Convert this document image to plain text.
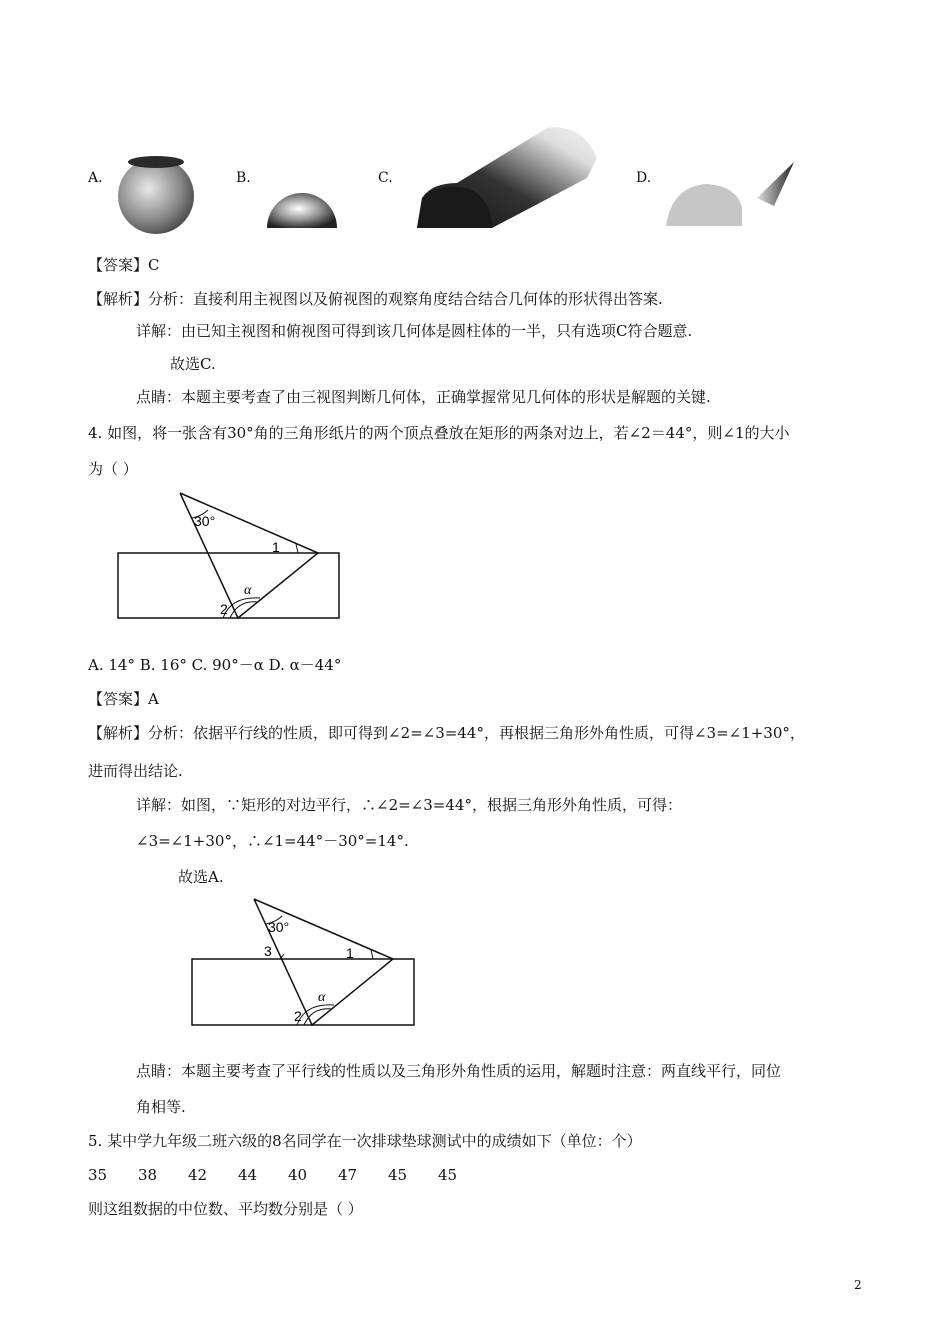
A.	B.	C.	D.
【答案】C
【解析】分析：直接利用主视图以及俯视图的观察角度结合结合几何体的形状得出答案.
详解：由已知主视图和俯视图可得到该几何体是圆柱体的一半，只有选项C符合题意.
故选C.
点睛：本题主要考查了由三视图判断几何体，正确掌握常见几何体的形状是解题的关键.
4. 如图，将一张含有30°角的三角形纸片的两个顶点叠放在矩形的两条对边上，若∠2＝44°，则∠1的大小
为（ ）
30°
1
α
2
A. 14° B. 16° C. 90°－α D. α－44°
【答案】A
【解析】分析：依据平行线的性质，即可得到∠2=∠3=44°，再根据三角形外角性质，可得∠3=∠1+30°，
进而得出结论.
详解：如图，∵矩形的对边平行，∴∠2=∠3=44°，根据三角形外角性质，可得：
∠3=∠1+30°，∴∠1=44°－30°=14°.
故选A.
30°
3	1
α
2
点睛：本题主要考查了平行线的性质以及三角形外角性质的运用，解题时注意：两直线平行，同位
角相等.
5. 某中学九年级二班六级的8名同学在一次排球垫球测试中的成绩如下（单位：个）
35 38 42 44 40 47 45 45
则这组数据的中位数、平均数分别是（ ）
2
